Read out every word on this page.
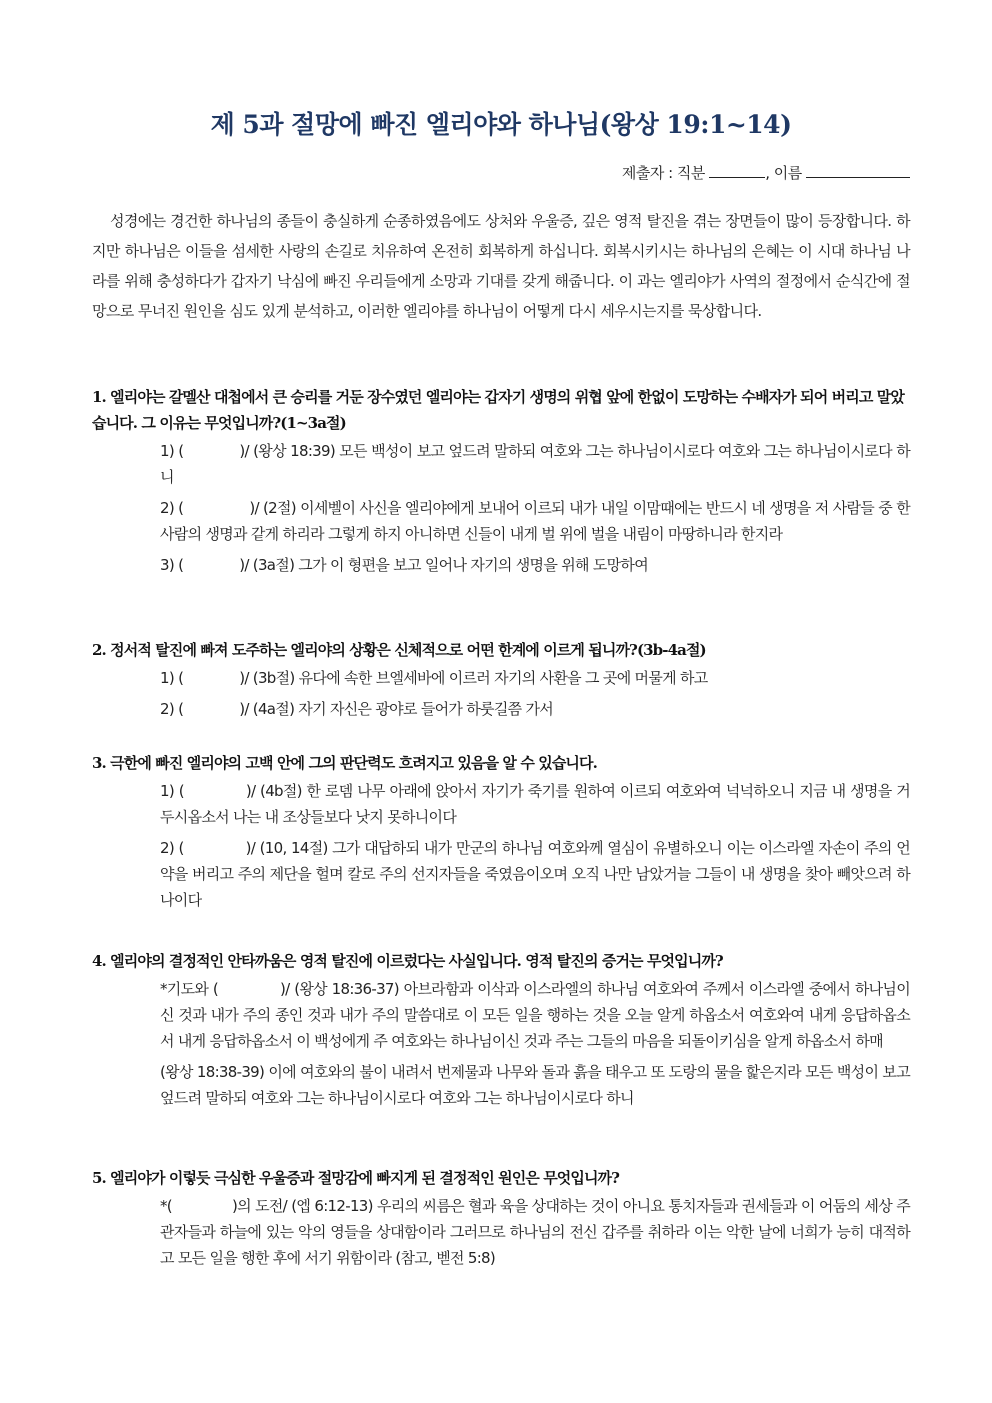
제 5과 절망에 빠진 엘리야와 하나님(왕상 19:1~14)
제출자 : 직분	, 이름
성경에는 경건한 하나님의 종들이 충실하게 순종하였음에도 상처와 우울증, 깊은 영적 탈진을 겪는 장면들이 많이 등장합니다. 하지만 하나님은 이들을 섬세한 사랑의 손길로 치유하여 온전히 회복하게 하십니다. 회복시키시는 하나님의 은혜는 이 시대 하나님 나라를 위해 충성하다가 갑자기 낙심에 빠진 우리들에게 소망과 기대를 갖게 해줍니다. 이 과는 엘리야가 사역의 절정에서 순식간에 절망으로 무너진 원인을 심도 있게 분석하고, 이러한 엘리야를 하나님이 어떻게 다시 세우시는지를 묵상합니다.
1. 엘리야는 갈멜산 대첩에서 큰 승리를 거둔 장수였던 엘리야는 갑자기 생명의 위협 앞에 한없이 도망하는 수배자가 되어 버리고 말았습니다. 그 이유는 무엇입니까?(1~3a절)

1) (	)/ (왕상 18:39) 모든 백성이 보고 엎드려 말하되 여호와 그는 하나님이시로다 여호와 그는 하나님이시로다 하니

2) (	)/ (2절) 이세벨이 사신을 엘리야에게 보내어 이르되 내가 내일 이맘때에는 반드시 네 생명을 저 사람들 중 한 사람의 생명과 같게 하리라 그렇게 하지 아니하면 신들이 내게 벌 위에 벌을 내림이 마땅하니라 한지라

3) (	)/ (3a절) 그가 이 형편을 보고 일어나 자기의 생명을 위해 도망하여

2. 정서적 탈진에 빠져 도주하는 엘리야의 상황은 신체적으로 어떤 한계에 이르게 됩니까?(3b-4a절)

1) (	)/ (3b절) 유다에 속한 브엘세바에 이르러 자기의 사환을 그 곳에 머물게 하고

2) (	)/ (4a절) 자기 자신은 광야로 들어가 하룻길쯤 가서

3. 극한에 빠진 엘리야의 고백 안에 그의 판단력도 흐려지고 있음을 알 수 있습니다.

1) (	)/ (4b절) 한 로뎀 나무 아래에 앉아서 자기가 죽기를 원하여 이르되 여호와여 넉넉하오니 지금 내 생명을 거두시옵소서 나는 내 조상들보다 낫지 못하니이다

2) (	)/ (10, 14절) 그가 대답하되 내가 만군의 하나님 여호와께 열심이 유별하오니 이는 이스라엘 자손이 주의 언약을 버리고 주의 제단을 헐며 칼로 주의 선지자들을 죽였음이오며 오직 나만 남았거늘 그들이 내 생명을 찾아 빼앗으려 하나이다

4. 엘리야의 결정적인 안타까움은 영적 탈진에 이르렀다는 사실입니다. 영적 탈진의 증거는 무엇입니까?

*기도와 (	)/ (왕상 18:36-37) 아브라함과 이삭과 이스라엘의 하나님 여호와여 주께서 이스라엘 중에서 하나님이신 것과 내가 주의 종인 것과 내가 주의 말씀대로 이 모든 일을 행하는 것을 오늘 알게 하옵소서 여호와여 내게 응답하옵소서 내게 응답하옵소서 이 백성에게 주 여호와는 하나님이신 것과 주는 그들의 마음을 되돌이키심을 알게 하옵소서 하매

(왕상 18:38-39) 이에 여호와의 불이 내려서 번제물과 나무와 돌과 흙을 태우고 또 도랑의 물을 핥은지라 모든 백성이 보고 엎드려 말하되 여호와 그는 하나님이시로다 여호와 그는 하나님이시로다 하니

5. 엘리야가 이렇듯 극심한 우울증과 절망감에 빠지게 된 결정적인 원인은 무엇입니까?

*(	)의 도전/ (엡 6:12-13) 우리의 씨름은 혈과 육을 상대하는 것이 아니요 통치자들과 권세들과 이 어둠의 세상 주관자들과 하늘에 있는 악의 영들을 상대함이라 그러므로 하나님의 전신 갑주를 취하라 이는 악한 날에 너희가 능히 대적하고 모든 일을 행한 후에 서기 위함이라 (참고, 벧전 5:8)
